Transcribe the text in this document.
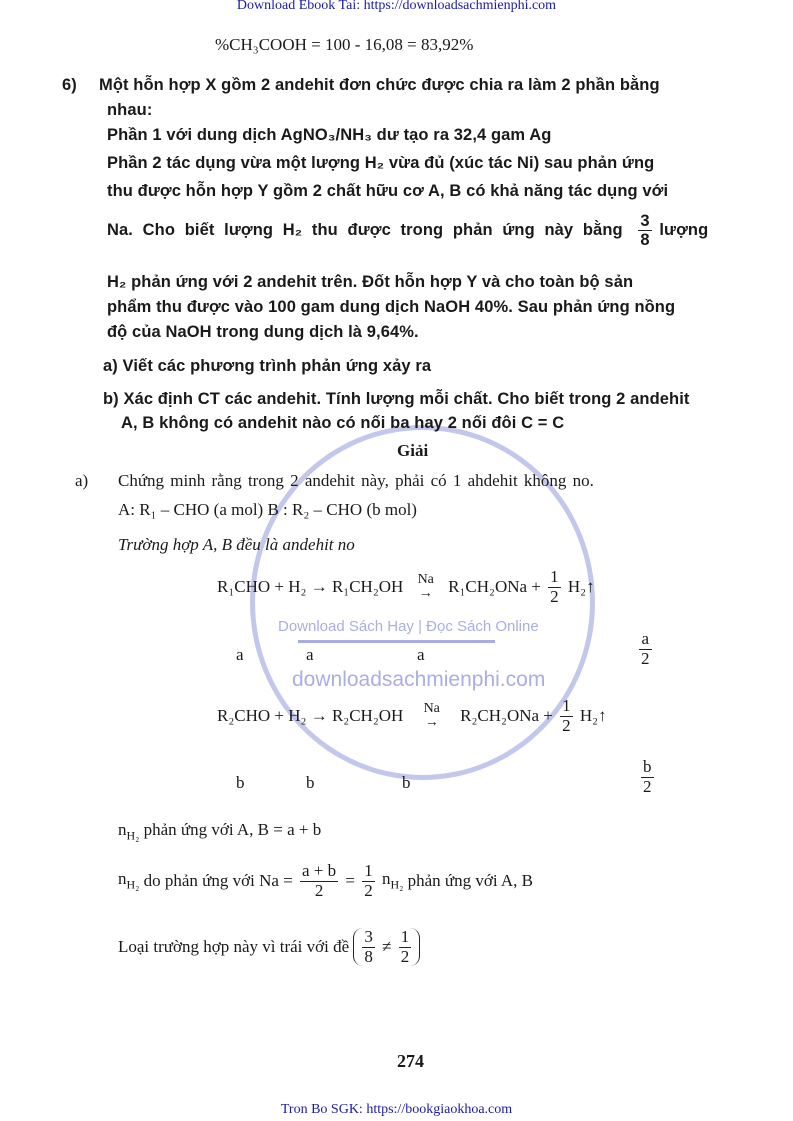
downloadsachmienphi.com
Download Sách Hay | Đọc Sách Online
Download Ebook Tai: https://downloadsachmienphi.com
%CH₃COOH = 100 - 16,08 = 83,92%
6) Một hỗn hợp X gồm 2 andehit đơn chức được chia ra làm 2 phần bằng
nhau:
Phần 1 với dung dịch AgNO₃/NH₃ dư tạo ra 32,4 gam Ag
Phần 2 tác dụng vừa một lượng H₂ vừa đủ (xúc tác Ni) sau phản ứng
thu được hỗn hợp Y gồm 2 chất hữu cơ A, B có khả năng tác dụng với
Na. Cho biết lượng H₂ thu được trong phản ứng này bằng $\frac{3}{8}$ lượng
H₂ phản ứng với 2 andehit trên. Đốt hỗn hợp Y và cho toàn bộ sản
phẩm thu được vào 100 gam dung dịch NaOH 40%. Sau phản ứng nồng
độ của NaOH trong dung dịch là 9,64%.
a) Viết các phương trình phản ứng xảy ra
b) Xác định CT các andehit. Tính lượng mỗi chất. Cho biết trong 2 andehit
A, B không có andehit nào có nối ba hay 2 nối đôi C = C
Giải
a) Chứng minh rằng trong 2 andehit này, phải có 1 ahdehit không no.
A: R₁ – CHO (a mol) B : R₂ – CHO (b mol)
Trường hợp A, B đều là andehit no
R₁CHO + H₂ → R₁CH₂OH Na
→ $R_1CH_2ONa + \frac{1}{2}$ H₂↑
a	a	a	$\frac{a}{2}$
R₂CHO + H₂ → R₂CH₂OH Na
→ $R_2CH_2ONa + \frac{1}{2}$ H₂↑
b	b	b	$\frac{b}{2}$
$n_{H_2}$ phản ứng với A, B = a + b
$n_{H_2}$ do phản ứng với $Na = \frac{a + b}{2} = \frac{1}{2} n_{H_2}$ phản ứng với A, B
Loại trường hợp này vì trái với đề $\frac{3}{8} \ne \frac{1}{2}$
274
Tron Bo SGK: https://bookgiaokhoa.com
